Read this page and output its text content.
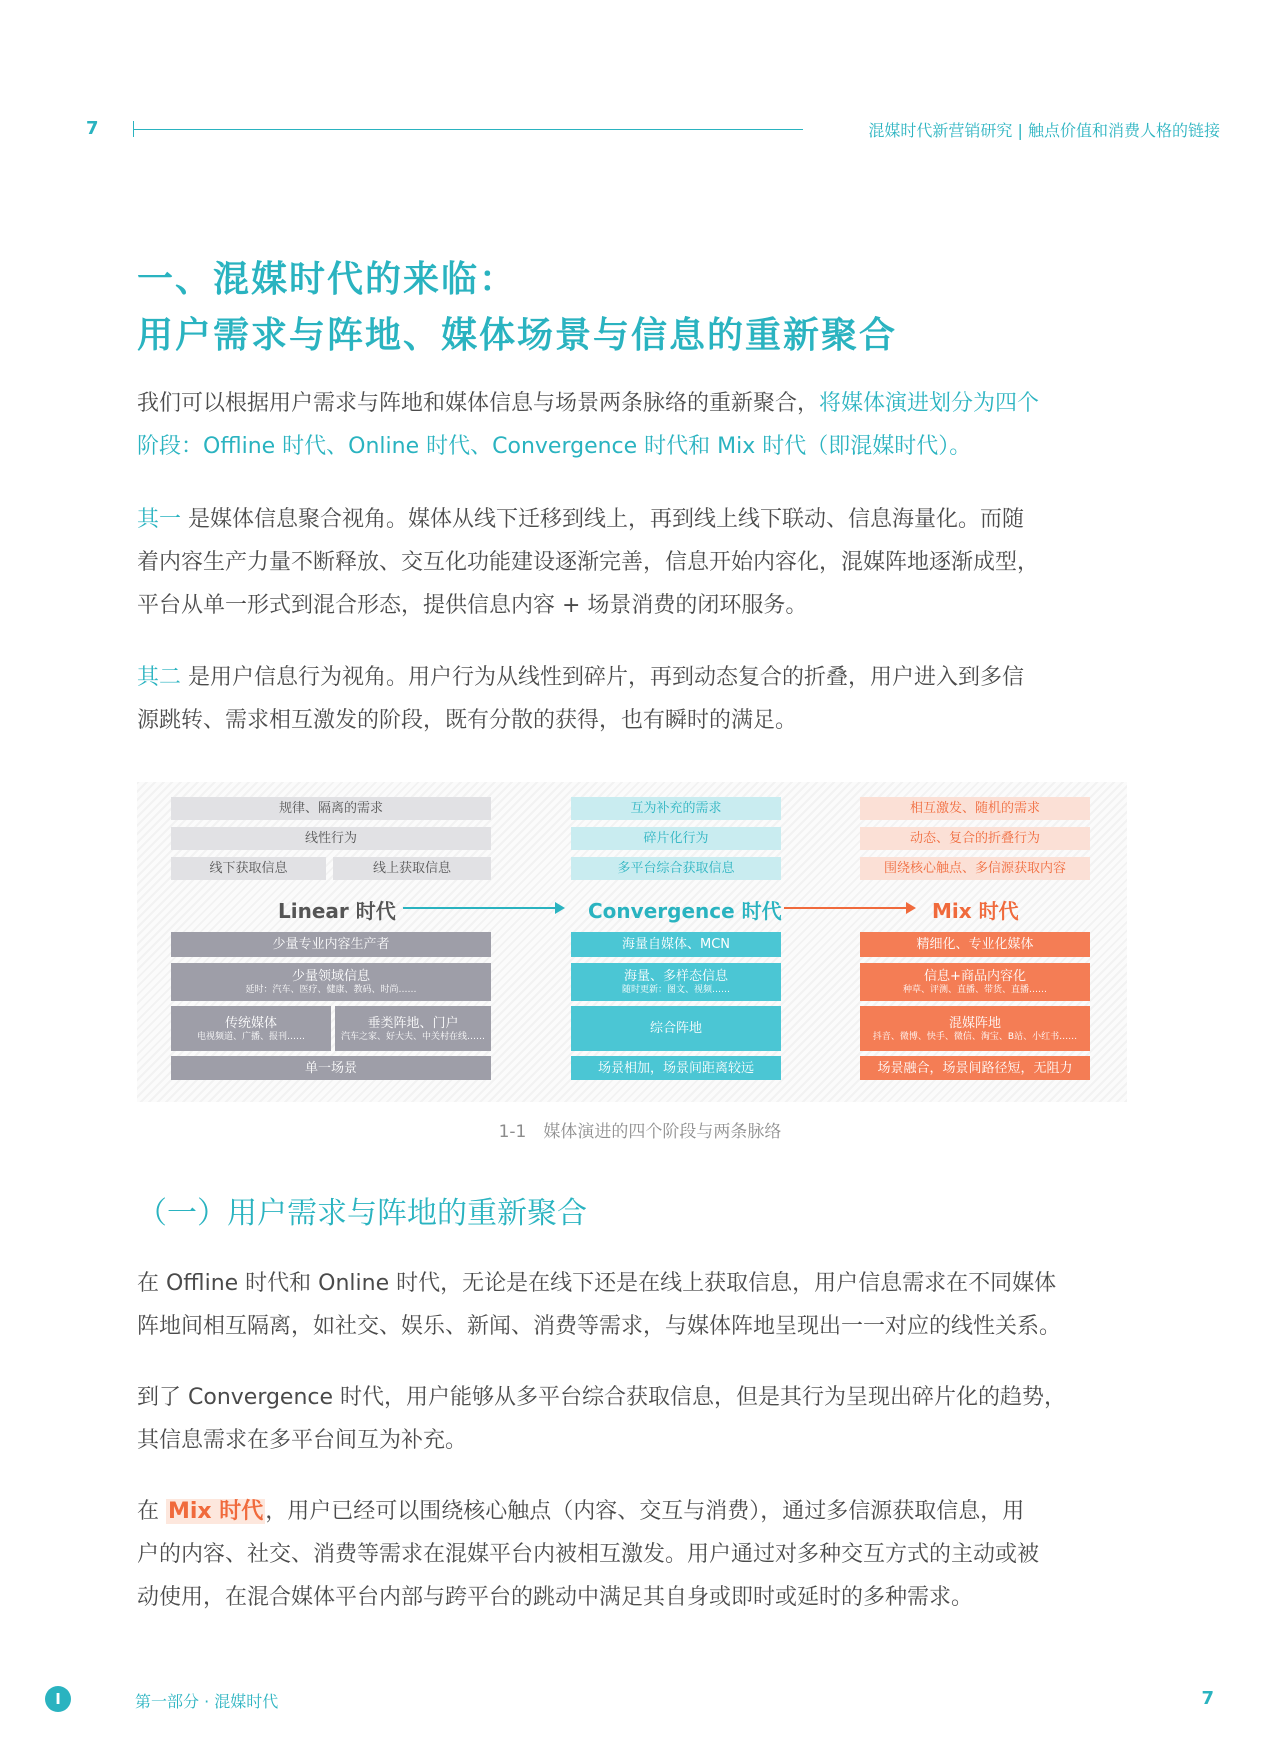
7	混媒时代新营销研究 | 触点价值和消费人格的链接
一、混媒时代的来临：
用户需求与阵地、媒体场景与信息的重新聚合
我们可以根据用户需求与阵地和媒体信息与场景两条脉络的重新聚合，将媒体演进划分为四个
阶段：Offline 时代、Online 时代、Convergence 时代和 Mix 时代（即混媒时代）。
其一 是媒体信息聚合视角。媒体从线下迁移到线上，再到线上线下联动、信息海量化。而随
着内容生产力量不断释放、交互化功能建设逐渐完善，信息开始内容化，混媒阵地逐渐成型，
平台从单一形式到混合形态，提供信息内容 + 场景消费的闭环服务。
其二 是用户信息行为视角。用户行为从线性到碎片，再到动态复合的折叠，用户进入到多信
源跳转、需求相互激发的阶段，既有分散的获得，也有瞬时的满足。
规律、隔离的需求
线性行为
线下获取信息	线上获取信息
Linear 时代
少量专业内容生产者
少量领域信息
延时：汽车、医疗、健康、教码、时尚……
传统媒体
电视频道、广播、报刊……
垂类阵地、门户
汽车之家、好大夫、中关村在线……
单一场景
互为补充的需求
碎片化行为
多平台综合获取信息
Convergence 时代
海量自媒体、MCN
海量、多样态信息
随时更新：图文、视频……
综合阵地
场景相加，场景间距离较远
相互激发、随机的需求
动态、复合的折叠行为
围绕核心触点、多信源获取内容
Mix 时代
精细化、专业化媒体
信息+商品内容化
种草、评测、直播、带货、直播……
混媒阵地
抖音、微博、快手、微信、淘宝、B站、小红书……
场景融合，场景间路径短，无阻力
1-1　媒体演进的四个阶段与两条脉络
（一）用户需求与阵地的重新聚合
在 Offline 时代和 Online 时代，无论是在线下还是在线上获取信息，用户信息需求在不同媒体
阵地间相互隔离，如社交、娱乐、新闻、消费等需求，与媒体阵地呈现出一一对应的线性关系。
到了 Convergence 时代，用户能够从多平台综合获取信息，但是其行为呈现出碎片化的趋势，
其信息需求在多平台间互为补充。
在 Mix 时代，用户已经可以围绕核心触点（内容、交互与消费），通过多信源获取信息，用
户的内容、社交、消费等需求在混媒平台内被相互激发。用户通过对多种交互方式的主动或被
动使用，在混合媒体平台内部与跨平台的跳动中满足其自身或即时或延时的多种需求。
I	第一部分 · 混媒时代	7
